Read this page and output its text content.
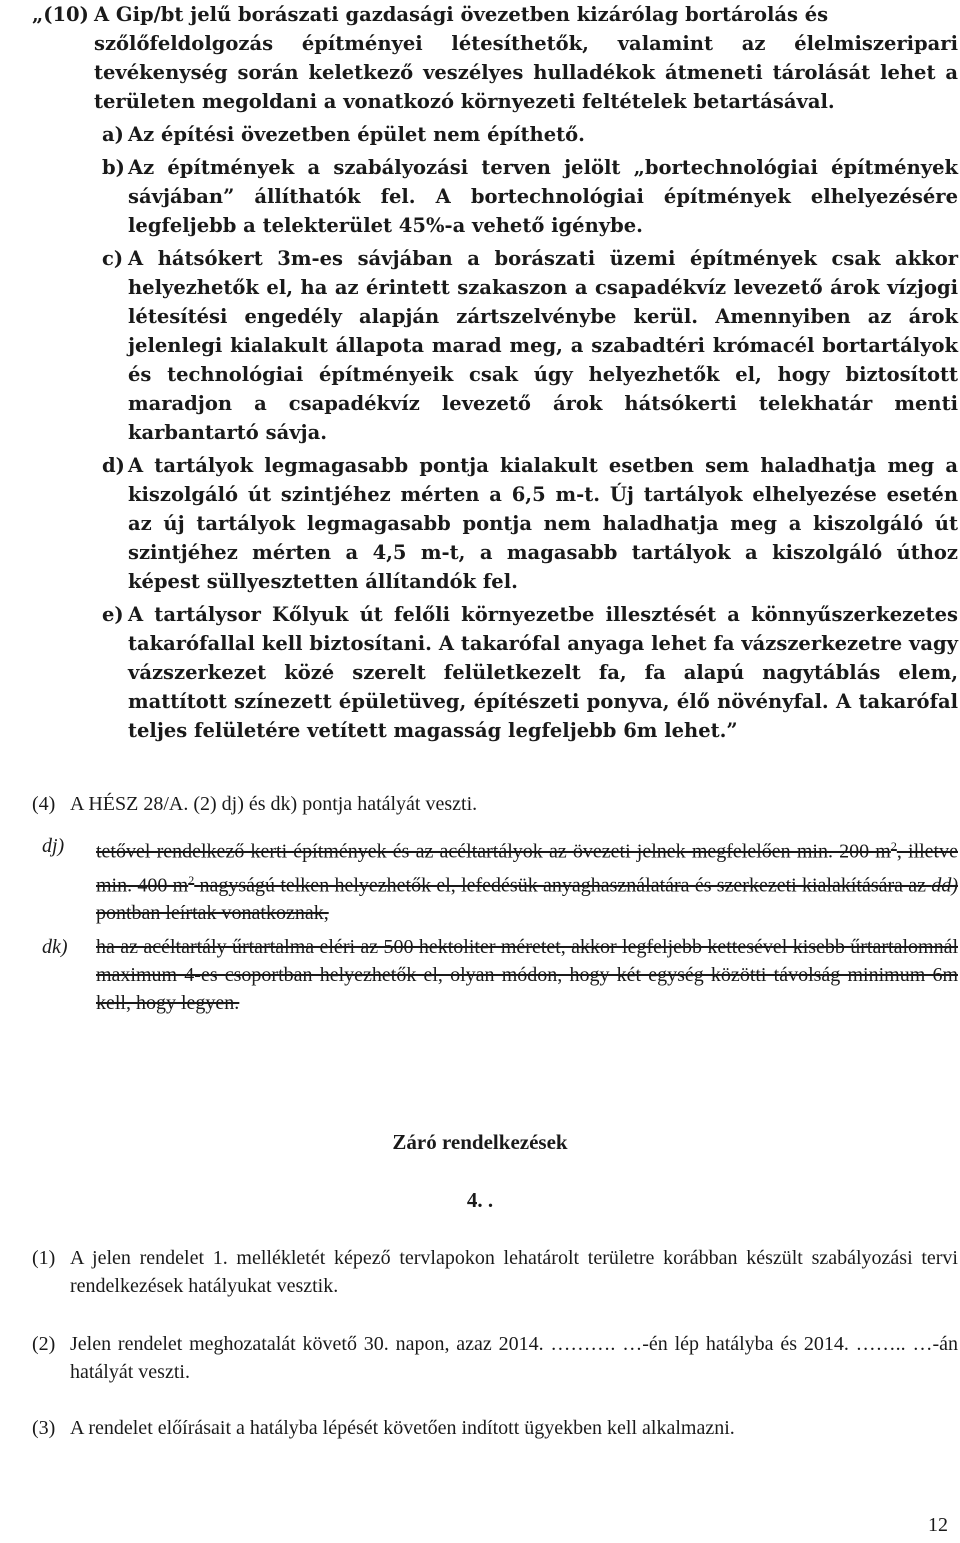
„(10) A Gip/bt jelű borászati gazdasági övezetben kizárólag bortárolás és
szőlőfeldolgozás építményei létesíthetők, valamint az élelmiszeripari tevékenység során keletkező veszélyes hulladékok átmeneti tárolását lehet a területen megoldani a vonatkozó környezeti feltételek betartásával.
a) Az építési övezetben épület nem építhető.
b) Az építmények a szabályozási terven jelölt „bortechnológiai építmények sávjában” állíthatók fel. A bortechnológiai építmények elhelyezésére legfeljebb a telekterület 45%-a vehető igénybe.
c) A hátsókert 3m-es sávjában a borászati üzemi építmények csak akkor helyezhetők el, ha az érintett szakaszon a csapadékvíz levezető árok vízjogi létesítési engedély alapján zártszelvénybe kerül. Amennyiben az árok jelenlegi kialakult állapota marad meg, a szabadtéri krómacél bortartályok és technológiai építményeik csak úgy helyezhetők el, hogy biztosított maradjon a csapadékvíz levezető árok hátsókerti telekhatár menti karbantartó sávja.
d) A tartályok legmagasabb pontja kialakult esetben sem haladhatja meg a kiszolgáló út szintjéhez mérten a 6,5 m-t. Új tartályok elhelyezése esetén az új tartályok legmagasabb pontja nem haladhatja meg a kiszolgáló út szintjéhez mérten a 4,5 m-t, a magasabb tartályok a kiszolgáló úthoz képest süllyesztetten állítandók fel.
e) A tartálysor Kőlyuk út felőli környezetbe illesztését a könnyűszerkezetes takarófallal kell biztosítani. A takarófal anyaga lehet fa vázszerkezetre vagy vázszerkezet közé szerelt felületkezelt fa, fa alapú nagytáblás elem, mattított színezett épületüveg, építészeti ponyva, élő növényfal. A takarófal teljes felületére vetített magasság legfeljebb 6m lehet.”
(4) A HÉSZ 28/A. (2) dj) és dk) pontja hatályát veszti.
dj)	tetővel rendelkező kerti építmények és az acéltartályok az övezeti jelnek megfelelően min. 200 $m^2$, illetve min. 400 $m^2$ nagyságú telken helyezhetők el, lefedésük anyaghasználatára és szerkezeti kialakítására az dd) pontban leírtak vonatkoznak,
dk)	ha az acéltartály űrtartalma eléri az 500 hektoliter méretet, akkor legfeljebb kettesével kisebb űrtartalomnál maximum 4-es csoportban helyezhetők el, olyan módon, hogy két egység közötti távolság minimum 6m kell, hogy legyen.
Záró rendelkezések
4. .
(1) A jelen rendelet 1. mellékletét képező tervlapokon lehatárolt területre korábban készült szabályozási tervi rendelkezések hatályukat vesztik.
(2) Jelen rendelet meghozatalát követő 30. napon, azaz 2014. ………. …-én lép hatályba és 2014. …….. …-án hatályát veszti.
(3) A rendelet előírásait a hatályba lépését követően indított ügyekben kell alkalmazni.
12
